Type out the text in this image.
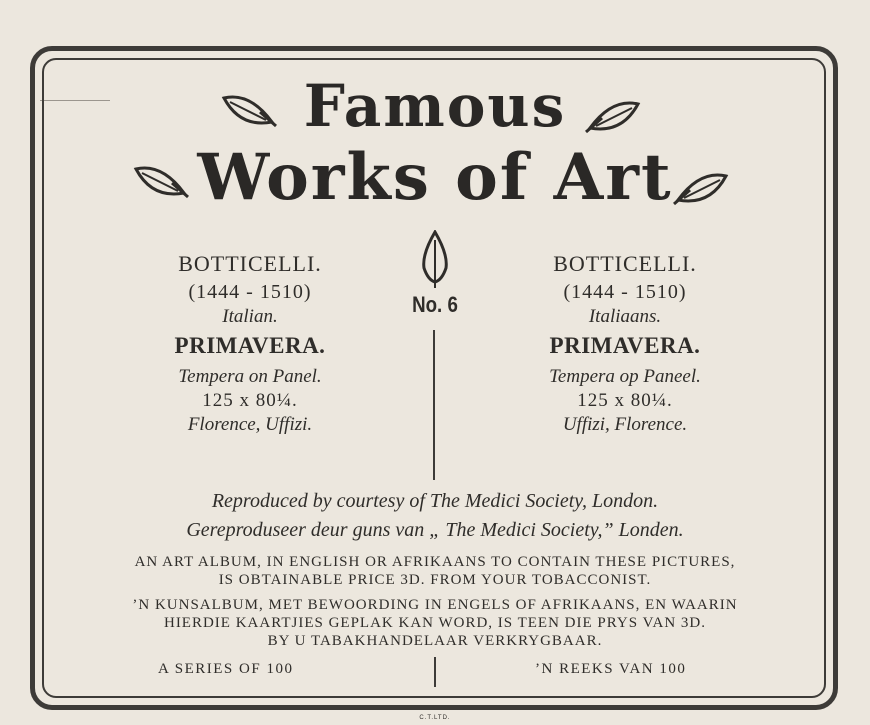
Famous
Works of Art
BOTTICELLI.
(1444 - 1510)
Italian.
PRIMAVERA.
Tempera on Panel.
125 x 80¼.
Florence, Uffizi.
No. 6
BOTTICELLI.
(1444 - 1510)
Italiaans.
PRIMAVERA.
Tempera op Paneel.
125 x 80¼.
Uffizi, Florence.
Reproduced by courtesy of The Medici Society, London.
Gereproduseer deur guns van „ The Medici Society,” Londen.
AN ART ALBUM, IN ENGLISH OR AFRIKAANS TO CONTAIN THESE PICTURES,
IS OBTAINABLE PRICE 3D. FROM YOUR TOBACCONIST.
’N KUNSALBUM, MET BEWOORDING IN ENGELS OF AFRIKAANS, EN WAARIN
HIERDIE KAARTJIES GEPLAK KAN WORD, IS TEEN DIE PRYS VAN 3D.
BY U TABAKHANDELAAR VERKRYGBAAR.
A SERIES OF 100	’N REEKS VAN 100
C.T.LTD.
